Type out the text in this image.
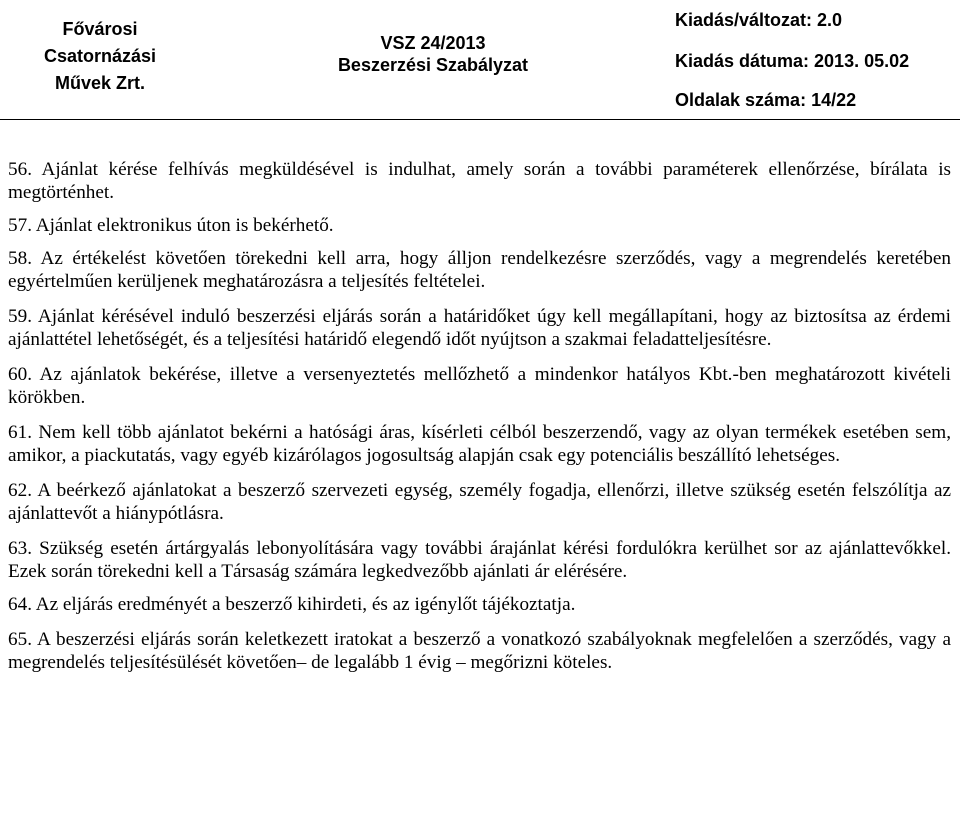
Fővárosi
Csatornázási
Művek Zrt.
VSZ 24/2013
Beszerzési Szabályzat
Kiadás/változat: 2.0
Kiadás dátuma: 2013. 05.02
Oldalak száma: 14/22

56. Ajánlat kérése felhívás megküldésével is indulhat, amely során a további paraméterek ellenőrzése, bírálata is megtörténhet.

57. Ajánlat elektronikus úton is bekérhető.

58. Az értékelést követően törekedni kell arra, hogy álljon rendelkezésre szerződés, vagy a megrendelés keretében egyértelműen kerüljenek meghatározásra a teljesítés feltételei.

59. Ajánlat kérésével induló beszerzési eljárás során a határidőket úgy kell megállapítani, hogy az biztosítsa az érdemi ajánlattétel lehetőségét, és a teljesítési határidő elegendő időt nyújtson a szakmai feladatteljesítésre.

60. Az ajánlatok bekérése, illetve a versenyeztetés mellőzhető a mindenkor hatályos Kbt.-ben meghatározott kivételi körökben.

61. Nem kell több ajánlatot bekérni a hatósági áras, kísérleti célból beszerzendő, vagy az olyan termékek esetében sem, amikor, a piackutatás, vagy egyéb kizárólagos jogosultság alapján csak egy potenciális beszállító lehetséges.

62. A beérkező ajánlatokat a beszerző szervezeti egység, személy fogadja, ellenőrzi, illetve szükség esetén felszólítja az ajánlattevőt a hiánypótlásra.

63. Szükség esetén ártárgyalás lebonyolítására vagy további árajánlat kérési fordulókra kerülhet sor az ajánlattevőkkel. Ezek során törekedni kell a Társaság számára legkedvezőbb ajánlati ár elérésére.

64. Az eljárás eredményét a beszerző kihirdeti, és az igénylőt tájékoztatja.

65. A beszerzési eljárás során keletkezett iratokat a beszerző a vonatkozó szabályoknak megfelelően a szerződés, vagy a megrendelés teljesítésülését követően– de legalább 1 évig – megőrizni köteles.
